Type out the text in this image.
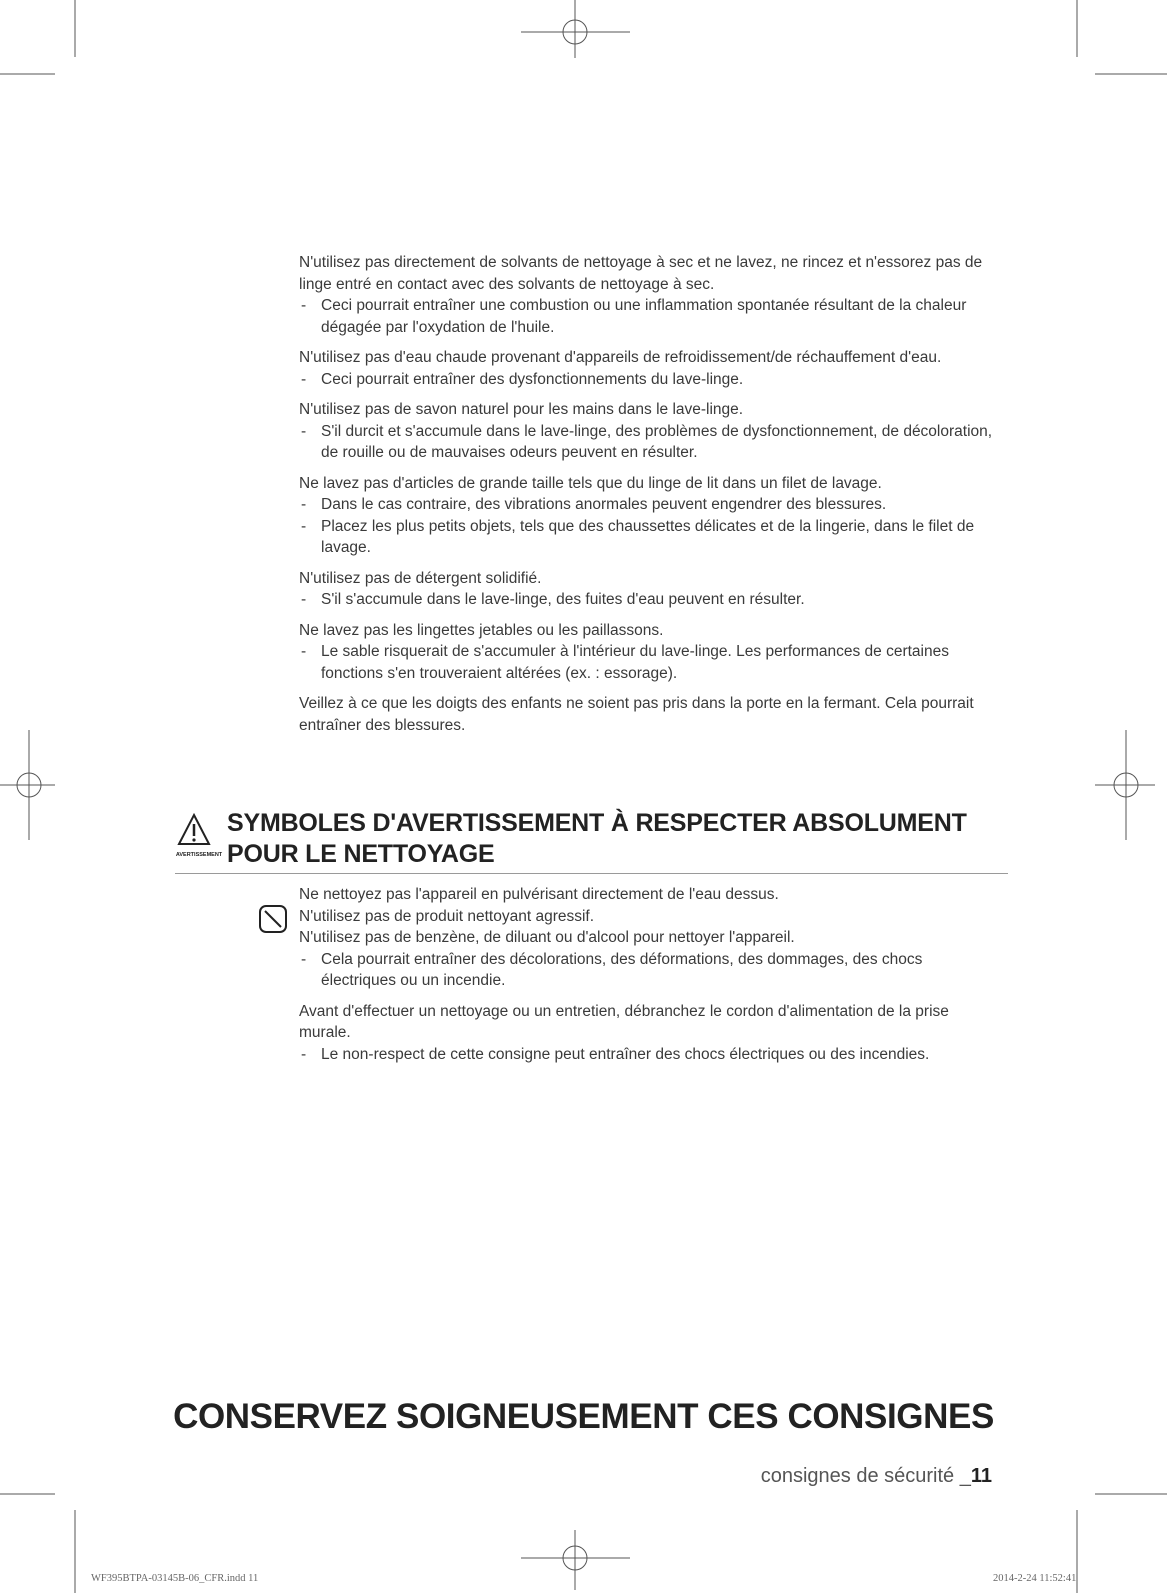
N'utilisez pas directement de solvants de nettoyage à sec et ne lavez, ne rincez et n'essorez pas de linge entré en contact avec des solvants de nettoyage à sec.

- Ceci pourrait entraîner une combustion ou une inflammation spontanée résultant de la chaleur dégagée par l'oxydation de l'huile.

N'utilisez pas d'eau chaude provenant d'appareils de refroidissement/de réchauffement d'eau.

- Ceci pourrait entraîner des dysfonctionnements du lave-linge.

N'utilisez pas de savon naturel pour les mains dans le lave-linge.

- S'il durcit et s'accumule dans le lave-linge, des problèmes de dysfonctionnement, de décoloration, de rouille ou de mauvaises odeurs peuvent en résulter.

Ne lavez pas d'articles de grande taille tels que du linge de lit dans un filet de lavage.

- Dans le cas contraire, des vibrations anormales peuvent engendrer des blessures.

- Placez les plus petits objets, tels que des chaussettes délicates et de la lingerie, dans le filet de lavage.

N'utilisez pas de détergent solidifié.

- S'il s'accumule dans le lave-linge, des fuites d'eau peuvent en résulter.

Ne lavez pas les lingettes jetables ou les paillassons.

- Le sable risquerait de s'accumuler à l'intérieur du lave-linge. Les performances de certaines fonctions s'en trouveraient altérées (ex. : essorage).

Veillez à ce que les doigts des enfants ne soient pas pris dans la porte en la fermant. Cela pourrait entraîner des blessures.

AVERTISSEMENT
SYMBOLES D'AVERTISSEMENT À RESPECTER ABSOLUMENT
POUR LE NETTOYAGE

Ne nettoyez pas l'appareil en pulvérisant directement de l'eau dessus.

N'utilisez pas de produit nettoyant agressif.

N'utilisez pas de benzène, de diluant ou d'alcool pour nettoyer l'appareil.

- Cela pourrait entraîner des décolorations, des déformations, des dommages, des chocs électriques ou un incendie.

Avant d'effectuer un nettoyage ou un entretien, débranchez le cordon d'alimentation de la prise murale.

- Le non-respect de cette consigne peut entraîner des chocs électriques ou des incendies.

CONSERVEZ SOIGNEUSEMENT CES CONSIGNES
consignes de sécurité _11
WF395BTPA-03145B-06_CFR.indd 11	2014-2-24 11:52:41
